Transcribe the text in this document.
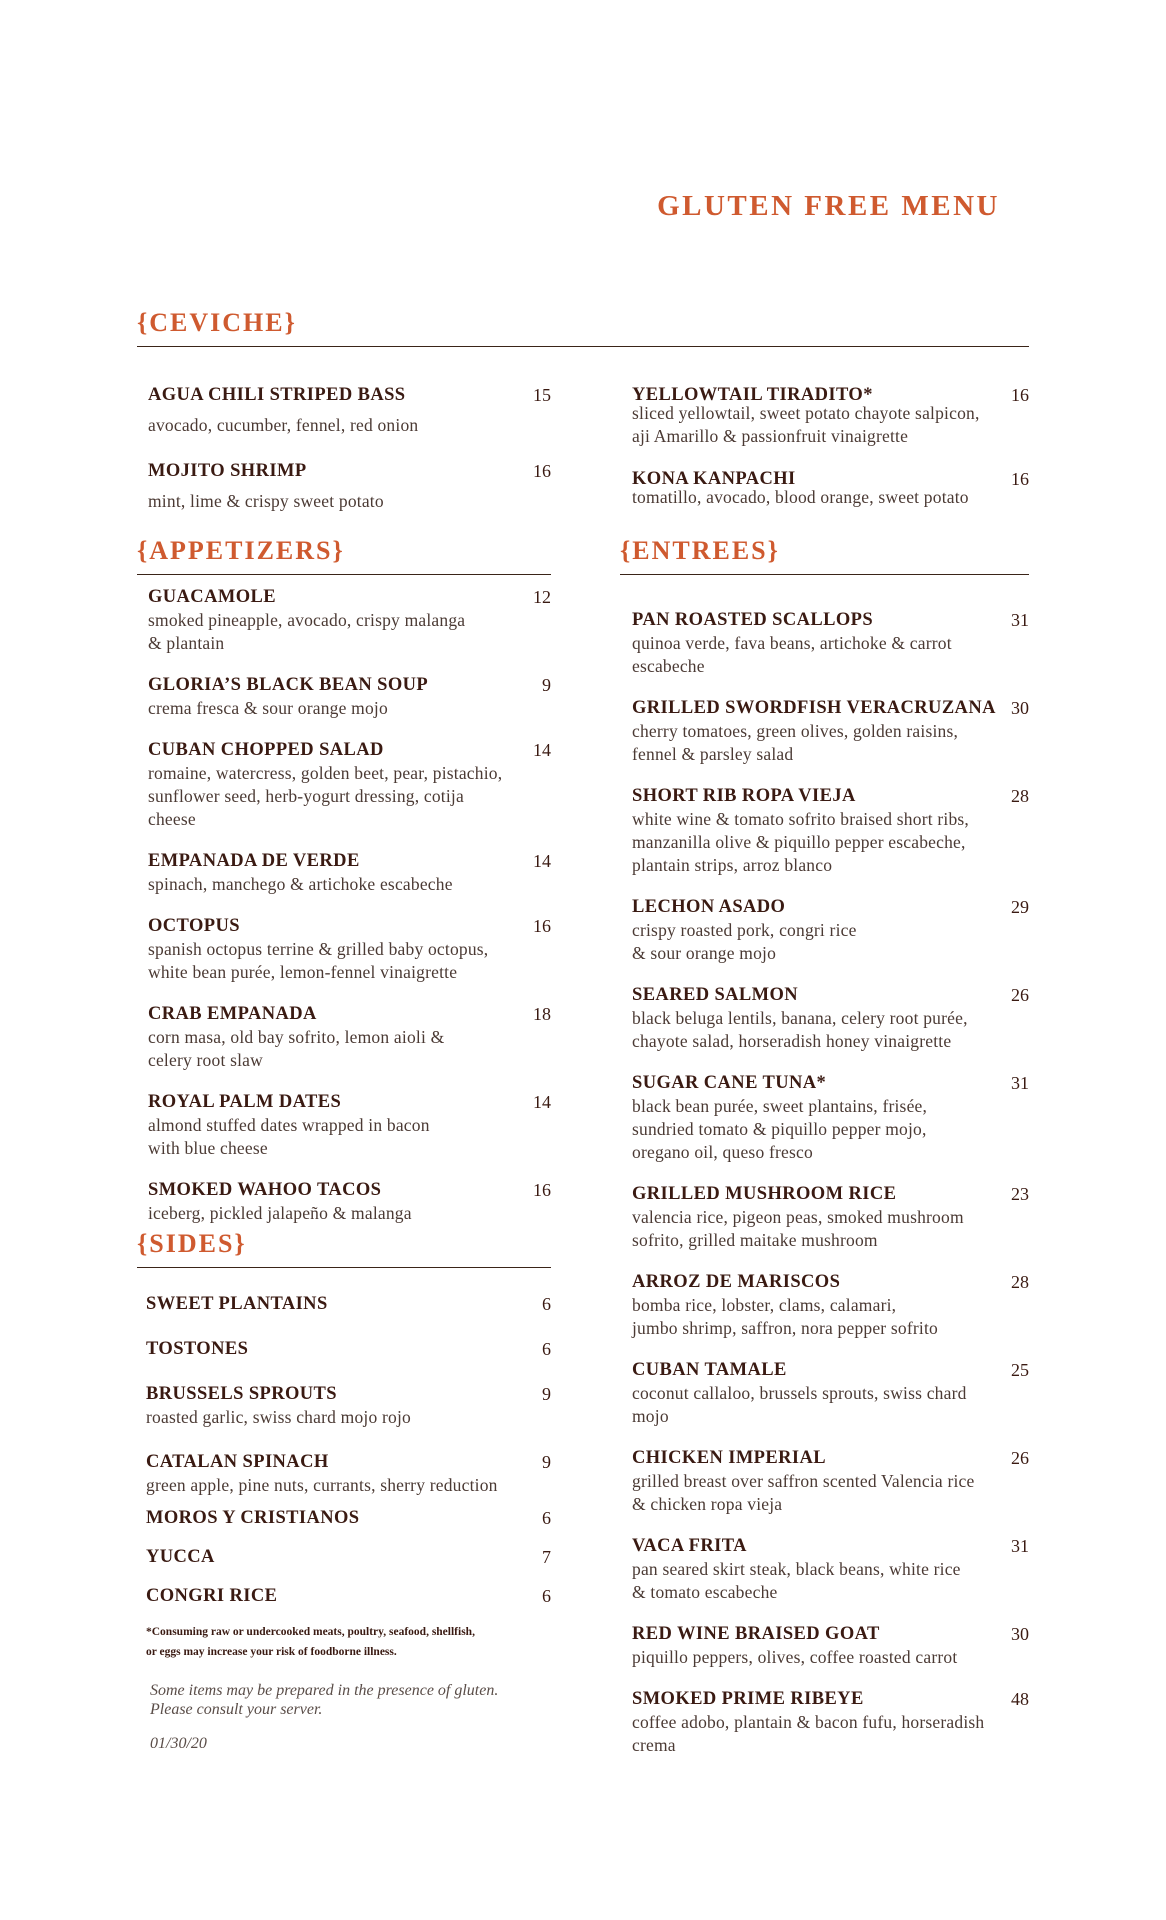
GLUTEN FREE MENU
{CEVICHE}
AGUA CHILI STRIPED BASS	15
avocado, cucumber, fennel, red onion
MOJITO SHRIMP	16
mint, lime & crispy sweet potato
YELLOWTAIL TIRADITO*	16
sliced yellowtail, sweet potato chayote salpicon,
aji Amarillo & passionfruit vinaigrette
KONA KANPACHI	16
tomatillo, avocado, blood orange, sweet potato
{APPETIZERS}
GUACAMOLE	12
smoked pineapple, avocado, crispy malanga
& plantain
GLORIA’S BLACK BEAN SOUP	9
crema fresca & sour orange mojo
CUBAN CHOPPED SALAD	14
romaine, watercress, golden beet, pear, pistachio,
sunflower seed, herb-yogurt dressing, cotija
cheese
EMPANADA DE VERDE	14
spinach, manchego & artichoke escabeche
OCTOPUS	16
spanish octopus terrine & grilled baby octopus,
white bean purée, lemon-fennel vinaigrette
CRAB EMPANADA	18
corn masa, old bay sofrito, lemon aioli &
celery root slaw
ROYAL PALM DATES	14
almond stuffed dates wrapped in bacon
with blue cheese
SMOKED WAHOO TACOS	16
iceberg, pickled jalapeño & malanga
{SIDES}
SWEET PLANTAINS	6
TOSTONES	6
BRUSSELS SPROUTS	9
roasted garlic, swiss chard mojo rojo
CATALAN SPINACH	9
green apple, pine nuts, currants, sherry reduction
MOROS Y CRISTIANOS	6
YUCCA	7
CONGRI RICE	6
{ENTREES}
PAN ROASTED SCALLOPS	31
quinoa verde, fava beans, artichoke & carrot
escabeche
GRILLED SWORDFISH VERACRUZANA 30
cherry tomatoes, green olives, golden raisins,
fennel & parsley salad
SHORT RIB ROPA VIEJA	28
white wine & tomato sofrito braised short ribs,
manzanilla olive & piquillo pepper escabeche,
plantain strips, arroz blanco
LECHON ASADO	29
crispy roasted pork, congri rice
& sour orange mojo
SEARED SALMON	26
black beluga lentils, banana, celery root purée,
chayote salad, horseradish honey vinaigrette
SUGAR CANE TUNA*	31
black bean purée, sweet plantains, frisée,
sundried tomato & piquillo pepper mojo,
oregano oil, queso fresco
GRILLED MUSHROOM RICE	23
valencia rice, pigeon peas, smoked mushroom
sofrito, grilled maitake mushroom
ARROZ DE MARISCOS	28
bomba rice, lobster, clams, calamari,
jumbo shrimp, saffron, nora pepper sofrito
CUBAN TAMALE	25
coconut callaloo, brussels sprouts, swiss chard
mojo
CHICKEN IMPERIAL	26
grilled breast over saffron scented Valencia rice
& chicken ropa vieja
VACA FRITA	31
pan seared skirt steak, black beans, white rice
& tomato escabeche
RED WINE BRAISED GOAT	30
piquillo peppers, olives, coffee roasted carrot
SMOKED PRIME RIBEYE	48
coffee adobo, plantain & bacon fufu, horseradish
crema
*Consuming raw or undercooked meats, poultry, seafood, shellfish,
or eggs may increase your risk of foodborne illness.
Some items may be prepared in the presence of gluten.
Please consult your server.
01/30/20
